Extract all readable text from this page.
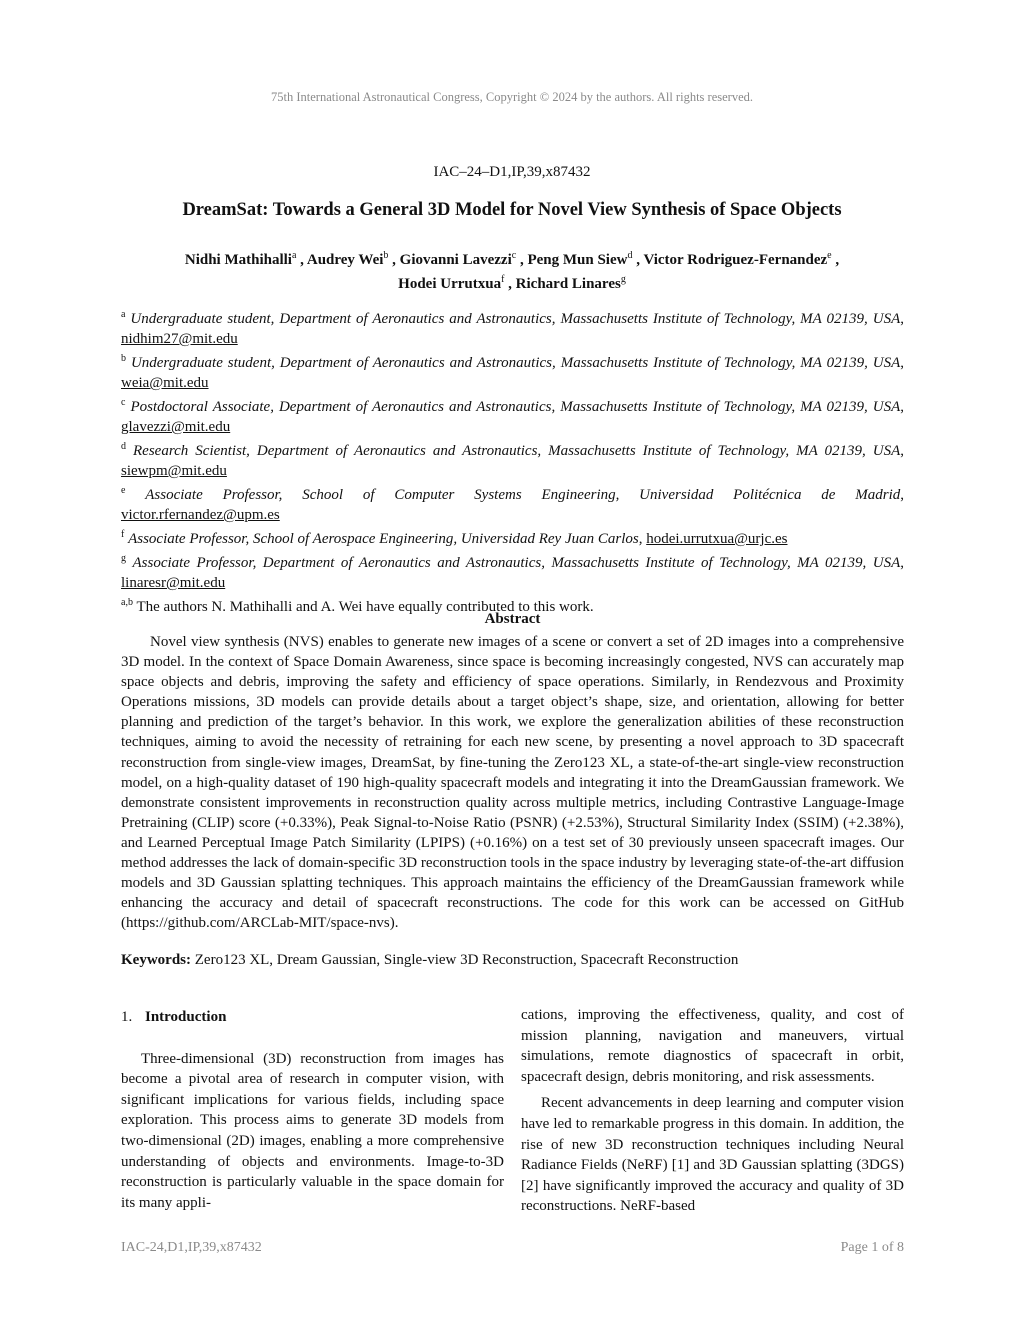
75th International Astronautical Congress, Copyright © 2024 by the authors. All rights reserved.
IAC–24–D1,IP,39,x87432
DreamSat: Towards a General 3D Model for Novel View Synthesis of Space Objects
Nidhi Mathihalli$^a$ , Audrey Wei$^b$ , Giovanni Lavezzi$^c$ , Peng Mun Siew$^d$ , Victor Rodriguez-Fernandez$^e$ ,
Hodei Urrutxua$^f$ , Richard Linares$^g$

$^a$ Undergraduate student, Department of Aeronautics and Astronautics, Massachusetts Institute of Technology, MA 02139, USA, nidhim27@mit.edu

$^b$ Undergraduate student, Department of Aeronautics and Astronautics, Massachusetts Institute of Technology, MA 02139, USA, weia@mit.edu

$^c$ Postdoctoral Associate, Department of Aeronautics and Astronautics, Massachusetts Institute of Technology, MA 02139, USA, glavezzi@mit.edu

$^d$ Research Scientist, Department of Aeronautics and Astronautics, Massachusetts Institute of Technology, MA 02139, USA, siewpm@mit.edu

$^e$ Associate Professor, School of Computer Systems Engineering, Universidad Politécnica de Madrid,
victor.rfernandez@upm.es

$^f$ Associate Professor, School of Aerospace Engineering, Universidad Rey Juan Carlos, hodei.urrutxua@urjc.es

$^g$ Associate Professor, Department of Aeronautics and Astronautics, Massachusetts Institute of Technology, MA 02139, USA, linaresr@mit.edu

$^{a,b}$ The authors N. Mathihalli and A. Wei have equally contributed to this work.

Abstract

Novel view synthesis (NVS) enables to generate new images of a scene or convert a set of 2D images into a comprehensive 3D model. In the context of Space Domain Awareness, since space is becoming increasingly congested, NVS can accurately map space objects and debris, improving the safety and efficiency of space operations. Similarly, in Rendezvous and Proximity Operations missions, 3D models can provide details about a target object’s shape, size, and orientation, allowing for better planning and prediction of the target’s behavior. In this work, we explore the generalization abilities of these reconstruction techniques, aiming to avoid the necessity of retraining for each new scene, by presenting a novel approach to 3D spacecraft reconstruction from single-view images, DreamSat, by fine-tuning the Zero123 XL, a state-of-the-art single-view reconstruction model, on a high-quality dataset of 190 high-quality spacecraft models and integrating it into the DreamGaussian framework. We demonstrate consistent improvements in reconstruction quality across multiple metrics, including Contrastive Language-Image Pretraining (CLIP) score (+0.33%), Peak Signal-to-Noise Ratio (PSNR) (+2.53%), Structural Similarity Index (SSIM) (+2.38%), and Learned Perceptual Image Patch Similarity (LPIPS) (+0.16%) on a test set of 30 previously unseen spacecraft images. Our method addresses the lack of domain-specific 3D reconstruction tools in the space industry by leveraging state-of-the-art diffusion models and 3D Gaussian splatting techniques. This approach maintains the efficiency of the DreamGaussian framework while enhancing the accuracy and detail of spacecraft reconstructions. The code for this work can be accessed on GitHub (https://github.com/ARCLab-MIT/space-nvs).

Keywords: Zero123 XL, Dream Gaussian, Single-view 3D Reconstruction, Spacecraft Reconstruction

1. Introduction

Three-dimensional (3D) reconstruction from images has become a pivotal area of research in computer vision, with significant implications for various fields, including space exploration. This process aims to generate 3D models from two-dimensional (2D) images, enabling a more comprehensive understanding of objects and environments. Image-to-3D reconstruction is particularly valuable in the space domain for its many appli-

cations, improving the effectiveness, quality, and cost of mission planning, navigation and maneuvers, virtual simulations, remote diagnostics of spacecraft in orbit, spacecraft design, debris monitoring, and risk assessments.

Recent advancements in deep learning and computer vision have led to remarkable progress in this domain. In addition, the rise of new 3D reconstruction techniques including Neural Radiance Fields (NeRF) [1] and 3D Gaussian splatting (3DGS) [2] have significantly improved the accuracy and quality of 3D reconstructions. NeRF-based

IAC-24,D1,IP,39,x87432	Page 1 of 8
